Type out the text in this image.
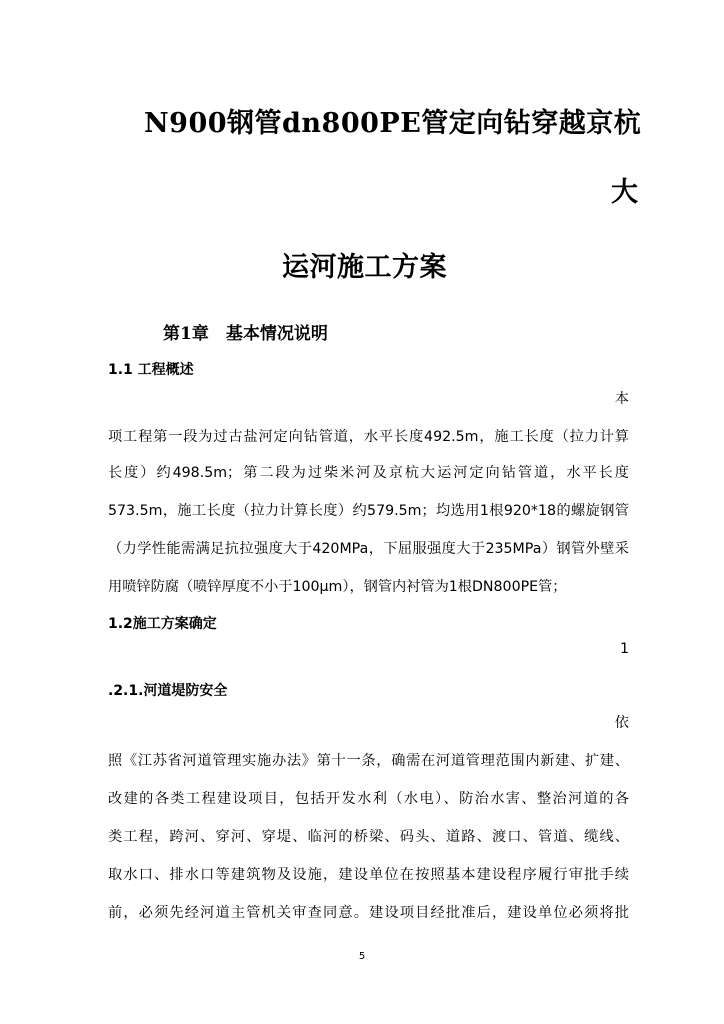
N900钢管dn800PE管定向钻穿越京杭
大
运河施工方案
第1章　基本情况说明
1.1 工程概述
本
项工程第一段为过古盐河定向钻管道，水平长度492.5m，施工长度（拉力计算
长度）约498.5m；第二段为过柴米河及京杭大运河定向钻管道，水平长度
573.5m，施工长度（拉力计算长度）约579.5m；均选用1根920*18的螺旋钢管
（力学性能需满足抗拉强度大于420MPa，下屈服强度大于235MPa）钢管外壁采
用喷锌防腐（喷锌厚度不小于100μm），钢管内衬管为1根DN800PE管；
1.2施工方案确定
1
.2.1.河道堤防安全
依
照《江苏省河道管理实施办法》第十一条，确需在河道管理范围内新建、扩建、
改建的各类工程建设项目，包括开发水利（水电）、防治水害、整治河道的各
类工程，跨河、穿河、穿堤、临河的桥梁、码头、道路、渡口、管道、缆线、
取水口、排水口等建筑物及设施，建设单位在按照基本建设程序履行审批手续
前，必须先经河道主管机关审查同意。建设项目经批准后，建设单位必须将批
5
